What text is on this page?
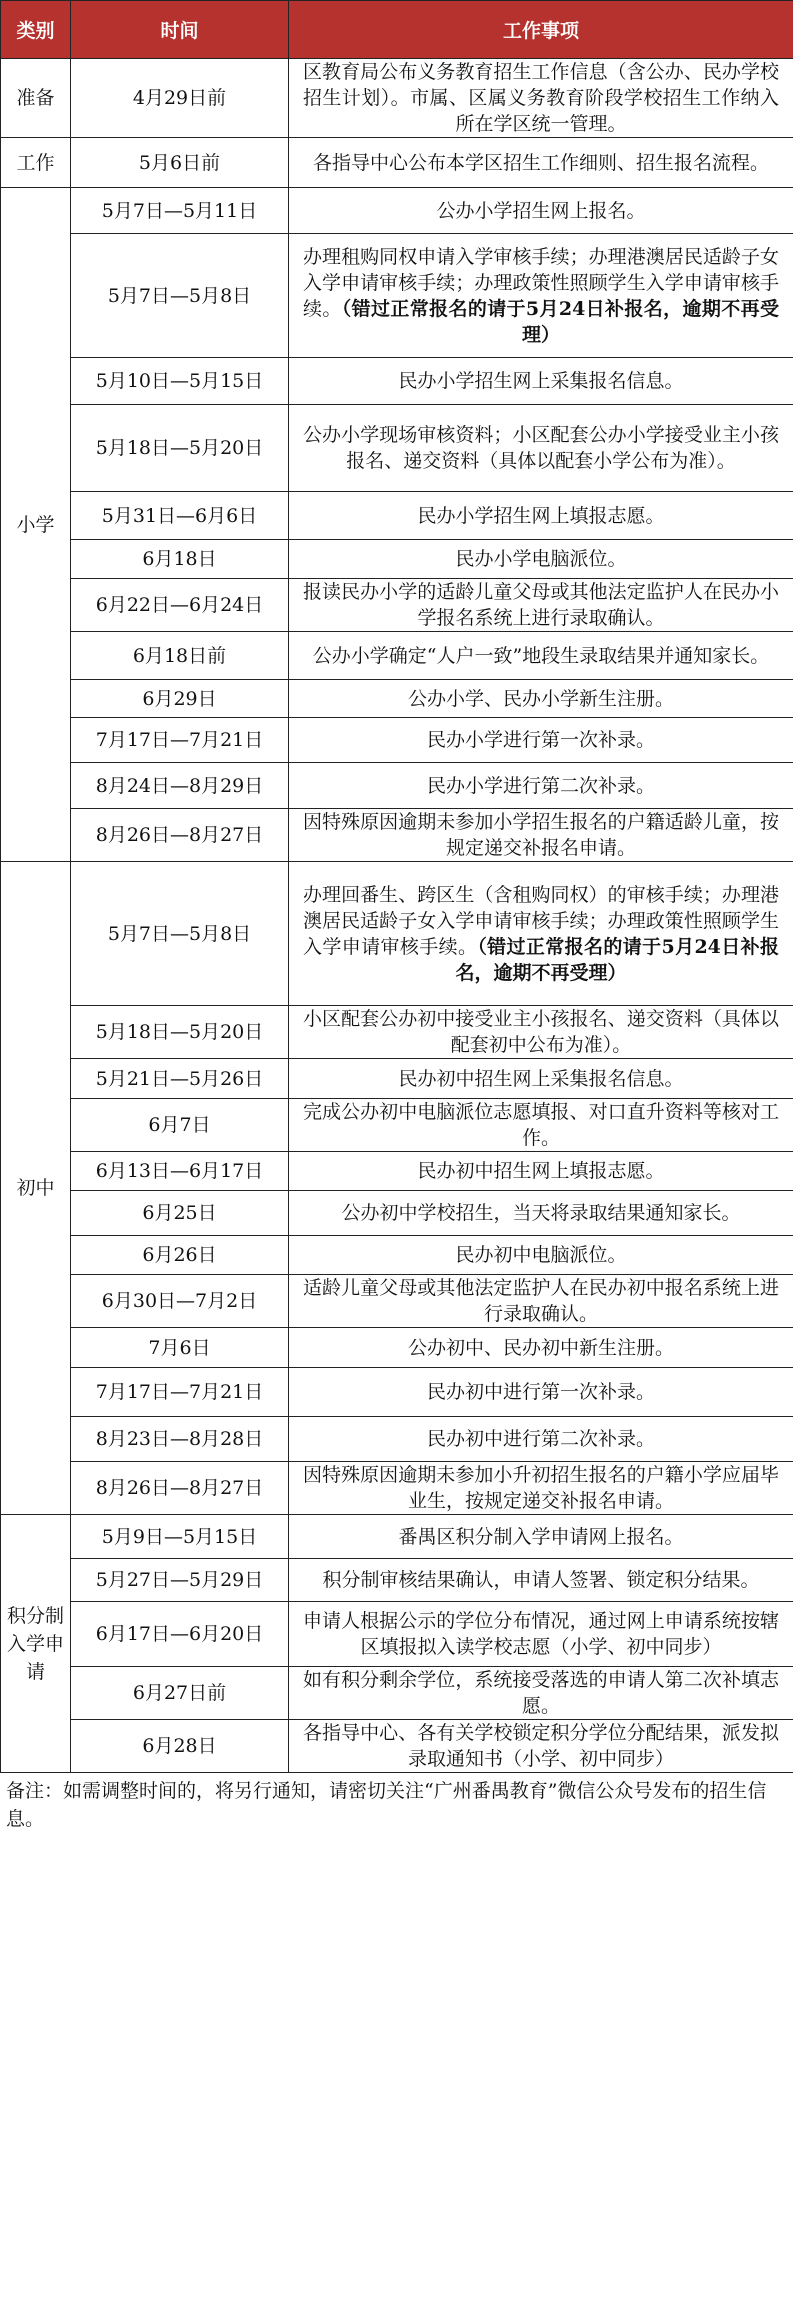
类别	时间	工作事项
准备	4月29日前	区教育局公布义务教育招生工作信息（含公办、民办学校招生计划）。市属、区属义务教育阶段学校招生工作纳入所在学区统一管理。
工作	5月6日前	各指导中心公布本学区招生工作细则、招生报名流程。
小学	5月7日—5月11日	公办小学招生网上报名。
	5月7日—5月8日	办理租购同权申请入学审核手续；办理港澳居民适龄子女入学申请审核手续；办理政策性照顾学生入学申请审核手续。（错过正常报名的请于5月24日补报名，逾期不再受理）
	5月10日—5月15日	民办小学招生网上采集报名信息。
	5月18日—5月20日	公办小学现场审核资料；小区配套公办小学接受业主小孩报名、递交资料（具体以配套小学公布为准）。
	5月31日—6月6日	民办小学招生网上填报志愿。
	6月18日	民办小学电脑派位。
	6月22日—6月24日	报读民办小学的适龄儿童父母或其他法定监护人在民办小学报名系统上进行录取确认。
	6月18日前	公办小学确定“人户一致”地段生录取结果并通知家长。
	6月29日	公办小学、民办小学新生注册。
	7月17日—7月21日	民办小学进行第一次补录。
	8月24日—8月29日	民办小学进行第二次补录。
	8月26日—8月27日	因特殊原因逾期未参加小学招生报名的户籍适龄儿童，按规定递交补报名申请。
初中	5月7日—5月8日	办理回番生、跨区生（含租购同权）的审核手续；办理港澳居民适龄子女入学申请审核手续；办理政策性照顾学生入学申请审核手续。（错过正常报名的请于5月24日补报名，逾期不再受理）
	5月18日—5月20日	小区配套公办初中接受业主小孩报名、递交资料（具体以配套初中公布为准）。
	5月21日—5月26日	民办初中招生网上采集报名信息。
	6月7日	完成公办初中电脑派位志愿填报、对口直升资料等核对工作。
	6月13日—6月17日	民办初中招生网上填报志愿。
	6月25日	公办初中学校招生，当天将录取结果通知家长。
	6月26日	民办初中电脑派位。
	6月30日—7月2日	适龄儿童父母或其他法定监护人在民办初中报名系统上进行录取确认。
	7月6日	公办初中、民办初中新生注册。
	7月17日—7月21日	民办初中进行第一次补录。
	8月23日—8月28日	民办初中进行第二次补录。
	8月26日—8月27日	因特殊原因逾期未参加小升初招生报名的户籍小学应届毕业生，按规定递交补报名申请。
积分制入学申请	5月9日—5月15日	番禺区积分制入学申请网上报名。
	5月27日—5月29日	积分制审核结果确认，申请人签署、锁定积分结果。
	6月17日—6月20日	申请人根据公示的学位分布情况，通过网上申请系统按辖区填报拟入读学校志愿（小学、初中同步）
	6月27日前	如有积分剩余学位，系统接受落选的申请人第二次补填志愿。
	6月28日	各指导中心、各有关学校锁定积分学位分配结果，派发拟录取通知书（小学、初中同步）
备注：如需调整时间的，将另行通知，请密切关注“广州番禺教育”微信公众号发布的招生信息。
